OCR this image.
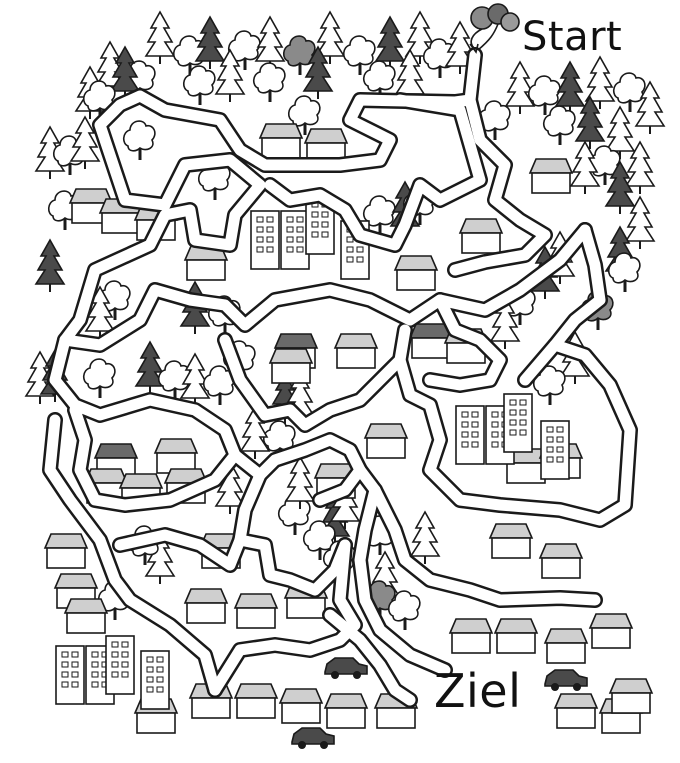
Start
Ziel
